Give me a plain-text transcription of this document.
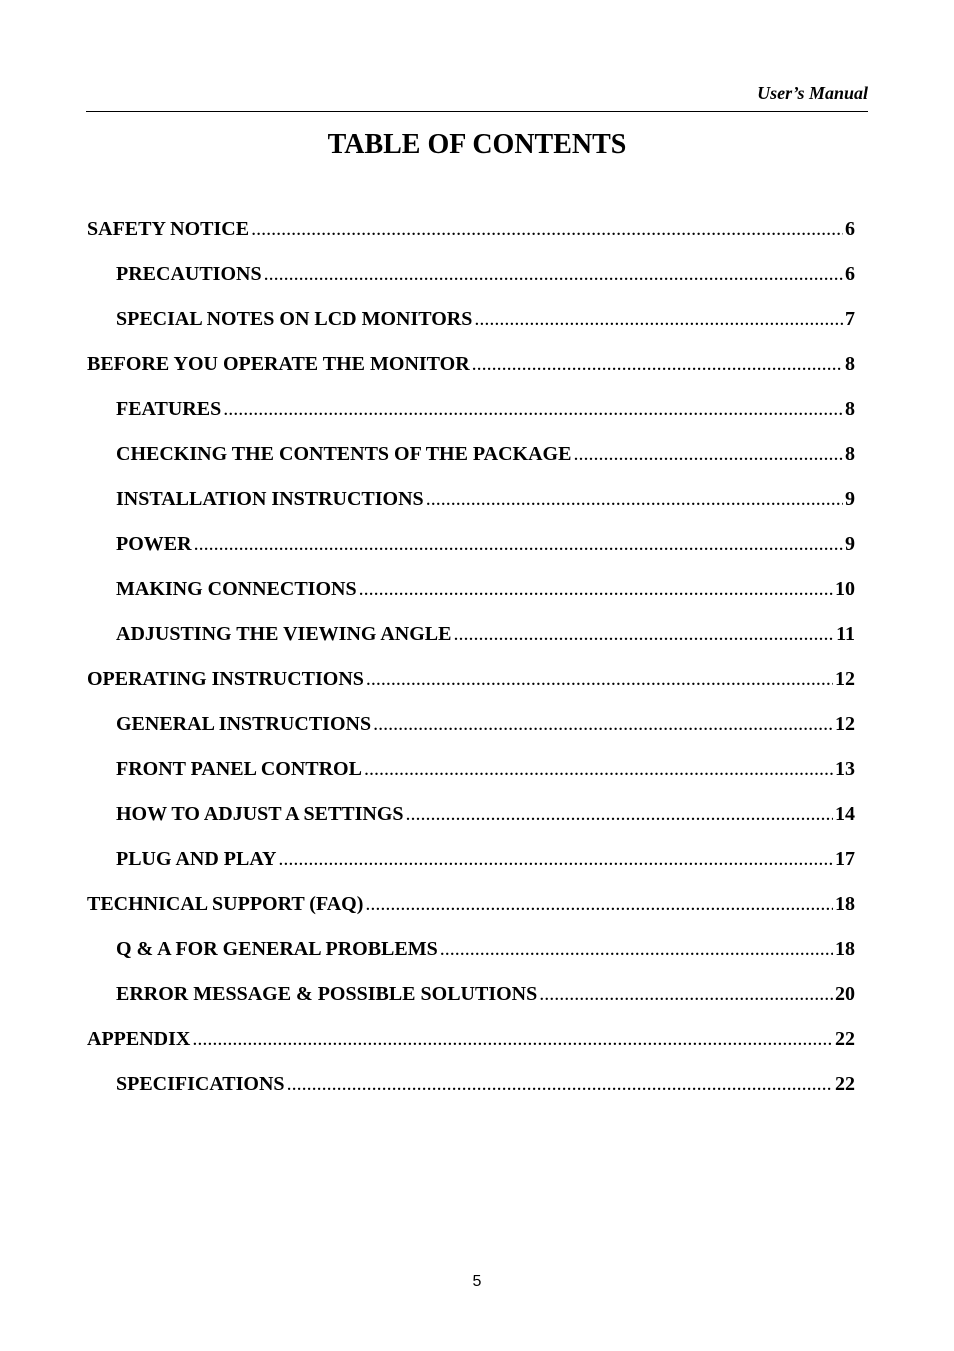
User’s Manual
TABLE OF CONTENTS
SAFETY NOTICE .....	6
PRECAUTIONS .....	6
SPECIAL NOTES ON LCD MONITORS .....	7
BEFORE YOU OPERATE THE MONITOR .....	8
FEATURES .....	8
CHECKING THE CONTENTS OF THE PACKAGE .....	8
INSTALLATION INSTRUCTIONS .....	9
POWER .....	9
MAKING CONNECTIONS .....	10
ADJUSTING THE VIEWING ANGLE .....	11
OPERATING INSTRUCTIONS .....	12
GENERAL INSTRUCTIONS .....	12
FRONT PANEL CONTROL .....	13
HOW TO ADJUST A SETTINGS .....	14
PLUG AND PLAY .....	17
TECHNICAL SUPPORT (FAQ) .....	18
Q & A FOR GENERAL PROBLEMS .....	18
ERROR MESSAGE & POSSIBLE SOLUTIONS .....	20
APPENDIX .....	22
SPECIFICATIONS .....	22
5
